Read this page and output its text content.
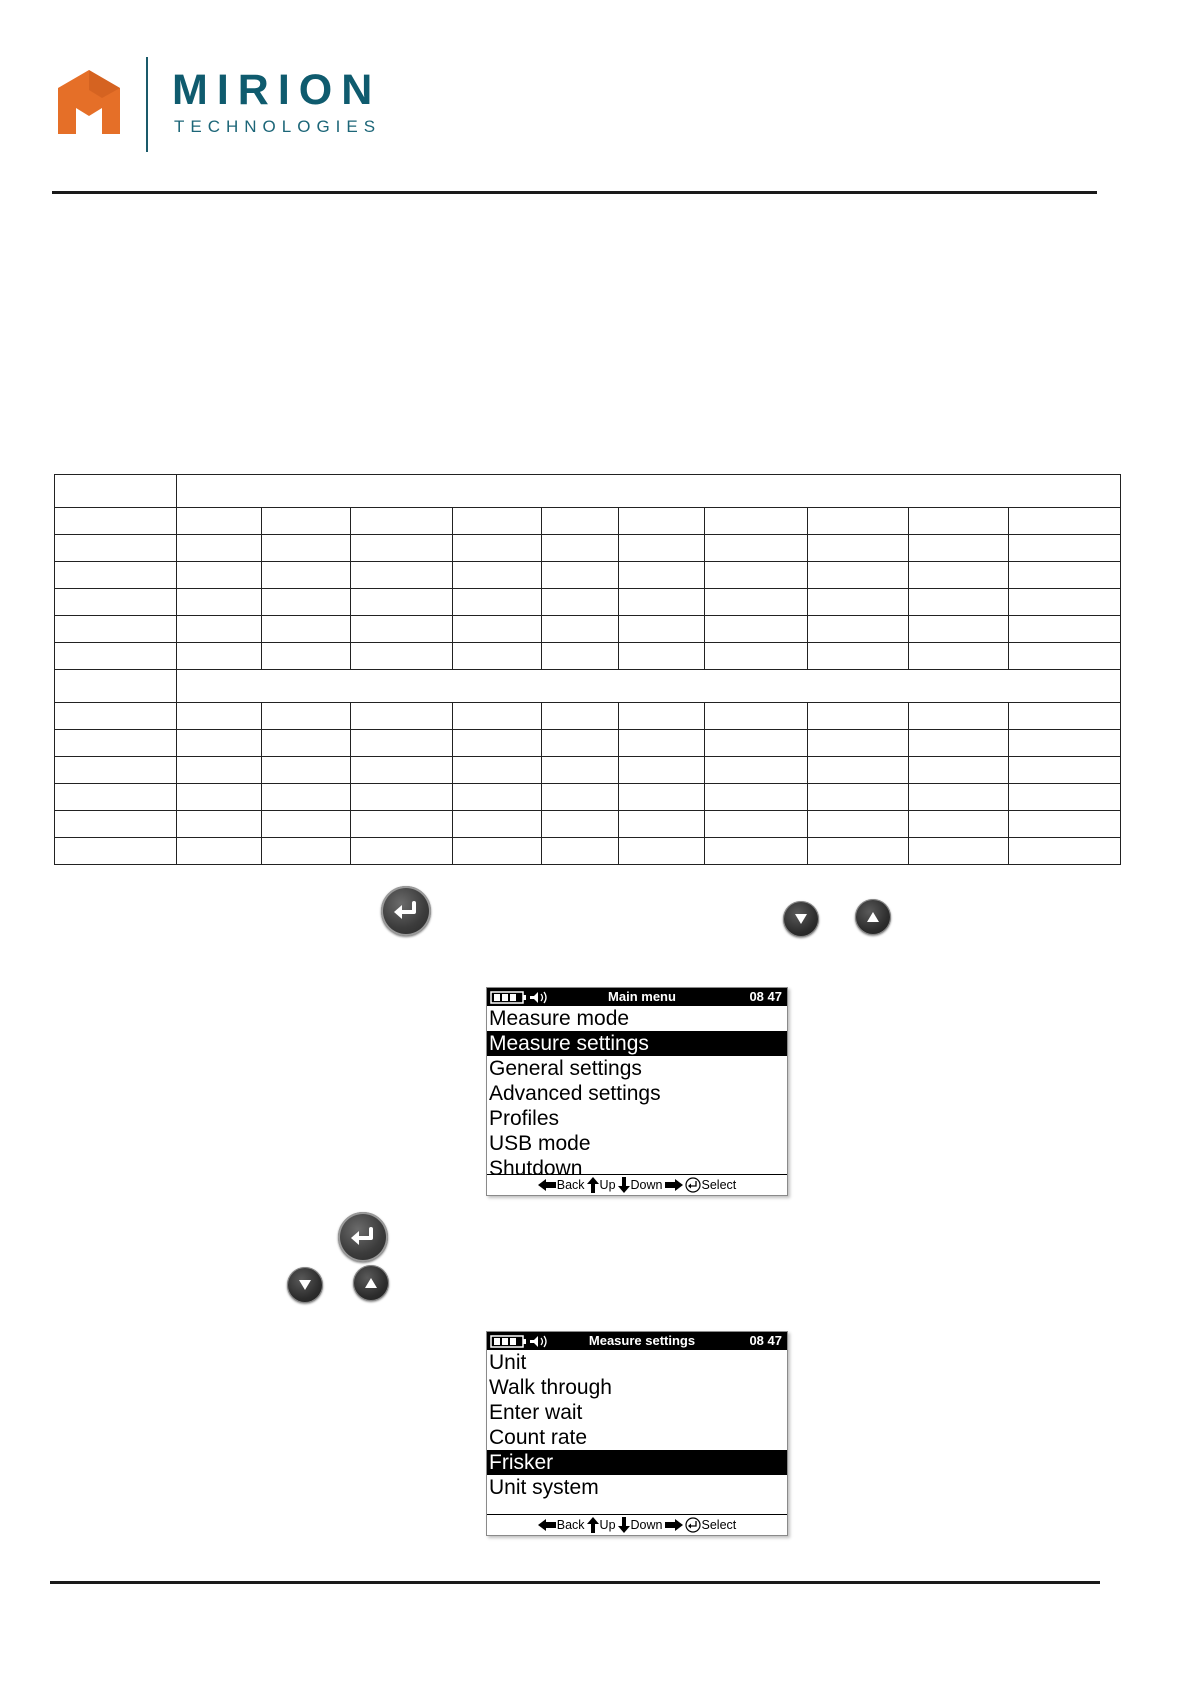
MIRION
TECHNOLOGIES

Main menu	08 47
Measure mode
Measure settings
General settings
Advanced settings
Profiles
USB mode
Shutdown
Back Up Down	Select
Measure settings	08 47
Unit
Walk through
Enter wait
Count rate
Frisker
Unit system
Back Up Down	Select
